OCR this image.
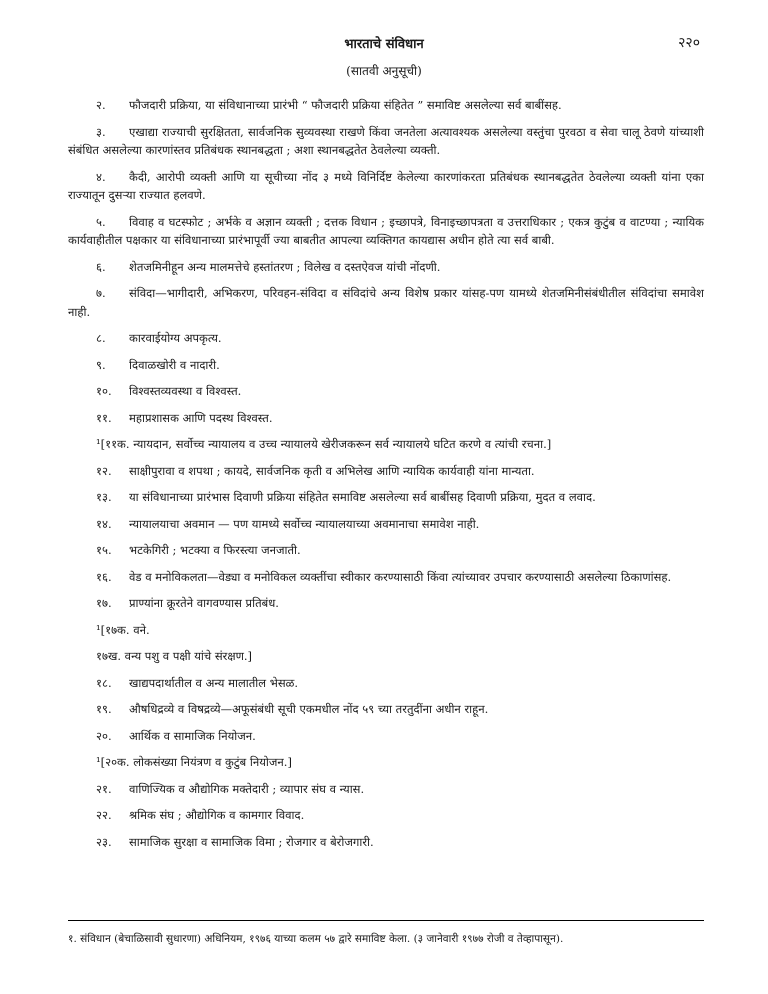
भारताचे संविधान	२२०
(सातवी अनुसूची)
२. फौजदारी प्रक्रिया, या संविधानाच्या प्रारंभी “ फौजदारी प्रक्रिया संहितेत ” समाविष्ट असलेल्या सर्व बाबींसह.
३. एखाद्या राज्याची सुरक्षितता, सार्वजनिक सुव्यवस्था राखणे किंवा जनतेला अत्यावश्यक असलेल्या वस्तुंचा पुरवठा व सेवा चालू ठेवणे यांच्याशी संबंधित असलेल्या कारणांस्तव प्रतिबंधक स्थानबद्धता ; अशा स्थानबद्धतेत ठेवलेल्या व्यक्ती.
४. कैदी, आरोपी व्यक्ती आणि या सूचीच्या नोंद ३ मध्ये विनिर्दिष्ट केलेल्या कारणांकरता प्रतिबंधक स्थानबद्धतेत ठेवलेल्या व्यक्ती यांना एका राज्यातून दुसऱ्या राज्यात हलवणे.
५. विवाह व घटस्फोट ; अर्भके व अज्ञान व्यक्ती ; दत्तक विधान ; इच्छापत्रे, विनाइच्छापत्रता व उत्तराधिकार ; एकत्र कुटुंब व वाटण्या ; न्यायिक कार्यवाहीतील पक्षकार या संविधानाच्या प्रारंभापूर्वी ज्या बाबतीत आपल्या व्यक्तिगत कायद्यास अधीन होते त्या सर्व बाबी.
६. शेतजमिनीहून अन्य मालमत्तेचे हस्तांतरण ; विलेख व दस्तऐवज यांची नोंदणी.
७. संविदा—भागीदारी, अभिकरण, परिवहन-संविदा व संविदांचे अन्य विशेष प्रकार यांसह-पण यामध्ये शेतजमिनीसंबंधीतील संविदांचा समावेश नाही.
८. कारवाईयोग्य अपकृत्य.
९. दिवाळखोरी व नादारी.
१०. विश्वस्तव्यवस्था व विश्वस्त.
११. महाप्रशासक आणि पदस्थ विश्वस्त.
¹[११क. न्यायदान, सर्वोच्च न्यायालय व उच्च न्यायालये खेरीजकरून सर्व न्यायालये घटित करणे व त्यांची रचना.]
१२. साक्षीपुरावा व शपथा ; कायदे, सार्वजनिक कृती व अभिलेख आणि न्यायिक कार्यवाही यांना मान्यता.
१३. या संविधानाच्या प्रारंभास दिवाणी प्रक्रिया संहितेत समाविष्ट असलेल्या सर्व बाबींसह दिवाणी प्रक्रिया, मुदत व लवाद.
१४. न्यायालयाचा अवमान — पण यामध्ये सर्वोच्च न्यायालयाच्या अवमानाचा समावेश नाही.
१५. भटकेगिरी ; भटक्या व फिरस्त्या जनजाती.
१६. वेड व मनोविकलता—वेड्या व मनोविकल व्यक्तींचा स्वीकार करण्यासाठी किंवा त्यांच्यावर उपचार करण्यासाठी असलेल्या ठिकाणांसह.
१७. प्राण्यांना क्रूरतेने वागवण्यास प्रतिबंध.
¹[१७क. वने.
१७ख. वन्य पशु व पक्षी यांचे संरक्षण.]
१८. खाद्यपदार्थातील व अन्य मालातील भेसळ.
१९. औषधिद्रव्ये व विषद्रव्ये—अफूसंबंधी सूची एकमधील नोंद ५९ च्या तरतुदींना अधीन राहून.
२०. आर्थिक व सामाजिक नियोजन.
¹[२०क. लोकसंख्या नियंत्रण व कुटुंब नियोजन.]
२१. वाणिज्यिक व औद्योगिक मक्तेदारी ; व्यापार संघ व न्यास.
२२. श्रमिक संघ ; औद्योगिक व कामगार विवाद.
२३. सामाजिक सुरक्षा व सामाजिक विमा ; रोजगार व बेरोजगारी.
१. संविधान (बेचाळिसावी सुधारणा) अधिनियम, १९७६ याच्या कलम ५७ द्वारे समाविष्ट केला. (३ जानेवारी १९७७ रोजी व तेव्हापासून).
